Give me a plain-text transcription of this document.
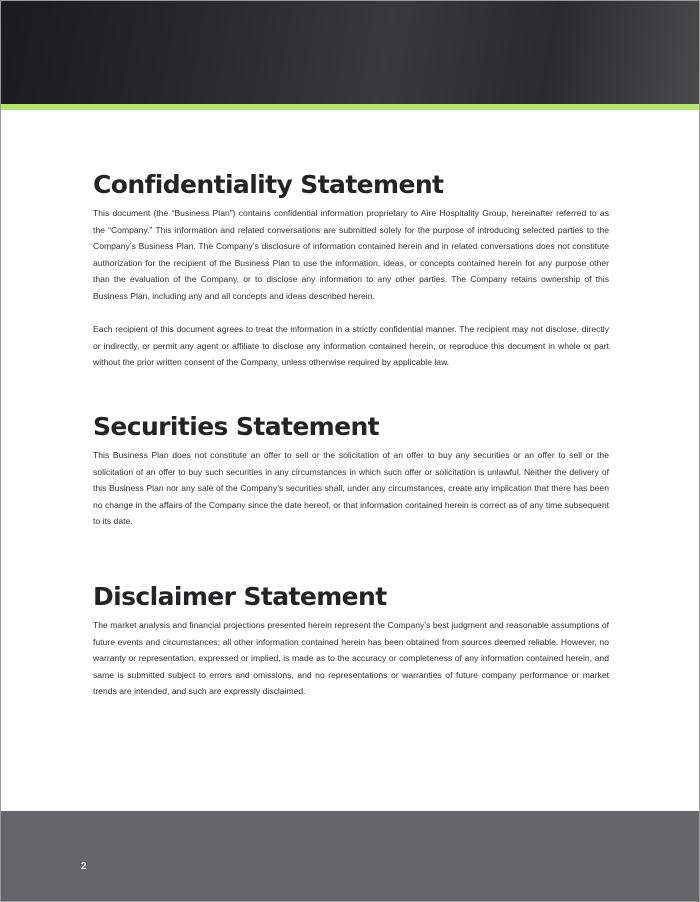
Confidentiality Statement

This document (the “Business Plan”) contains confidential information proprietary to Aire Hospitality Group, hereinafter referred to as the “Company.” This information and related conversations are submitted solely for the purpose of introducing selected parties to the Company’s Business Plan. The Company’s disclosure of information contained herein and in related conversations does not constitute authorization for the recipient of the Business Plan to use the information, ideas, or concepts contained herein for any purpose other than the evaluation of the Company, or to disclose any information to any other parties. The Company retains ownership of this Business Plan, including any and all concepts and ideas described herein.

Each recipient of this document agrees to treat the information in a strictly confidential manner. The recipient may not disclose, directly or indirectly, or permit any agent or affiliate to disclose any information contained herein, or reproduce this document in whole or part without the prior written consent of the Company, unless otherwise required by applicable law.

Securities Statement

This Business Plan does not constitute an offer to sell or the solicitation of an offer to buy any securities or an offer to sell or the solicitation of an offer to buy such securities in any circumstances in which such offer or solicitation is unlawful. Neither the delivery of this Business Plan nor any sale of the Company’s securities shall, under any circumstances, create any implication that there has been no change in the affairs of the Company since the date hereof, or that information contained herein is correct as of any time subsequent to its date.

Disclaimer Statement

The market analysis and financial projections presented herein represent the Company’s best judgment and reasonable assumptions of future events and circumstances; all other information contained herein has been obtained from sources deemed reliable. However, no warranty or representation, expressed or implied, is made as to the accuracy or completeness of any information contained herein, and same is submitted subject to errors and omissions, and no representations or warranties of future company performance or market trends are intended, and such are expressly disclaimed.

2
